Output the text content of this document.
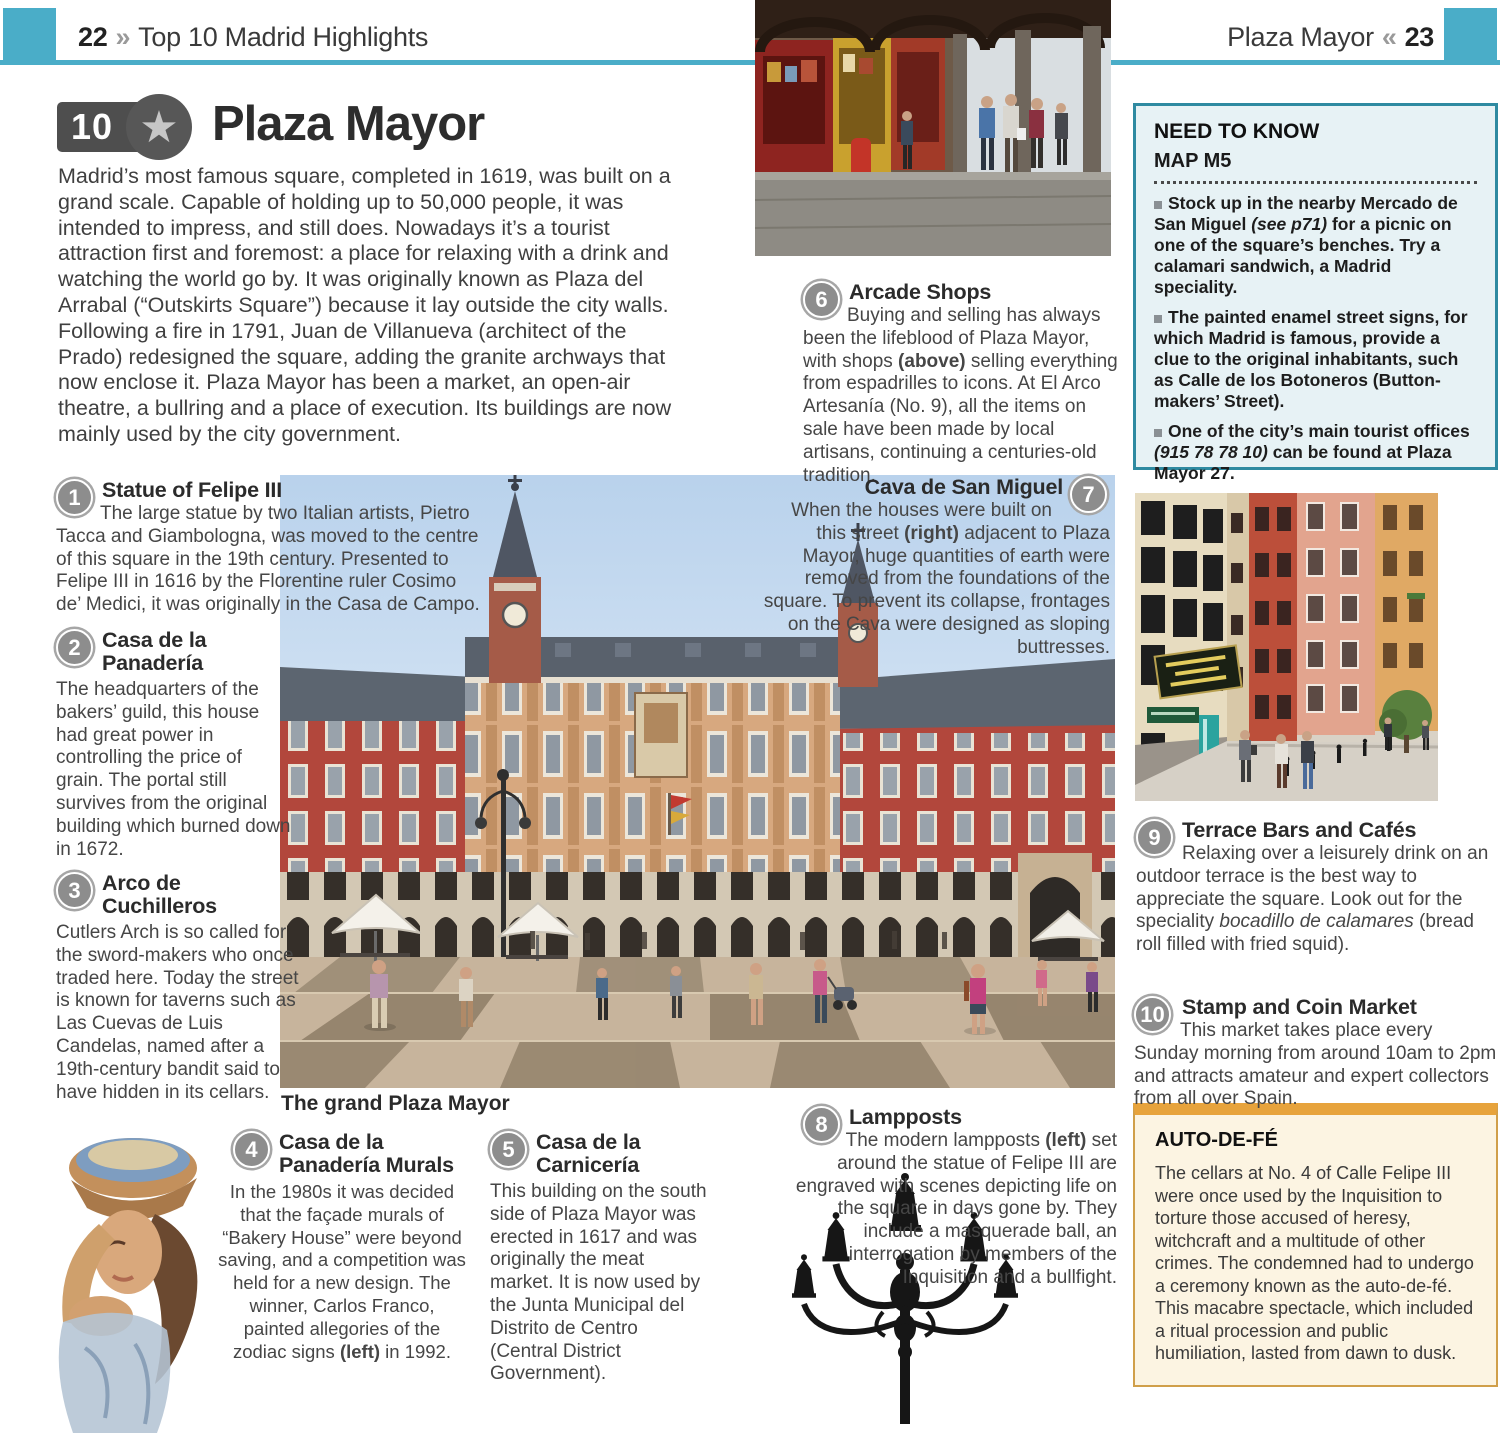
22 » Top 10 Madrid Highlights	Plaza Mayor « 23
10 ★ Plaza Mayor
Madrid’s most famous square, completed in 1619, was built on a grand scale. Capable of holding up to 50,000 people, it was intended to impress, and still does. Nowadays it’s a tourist attraction first and foremost: a place for relaxing with a drink and watching the world go by. It was originally known as Plaza del Arrabal (“Outskirts Square”) because it lay outside the city walls. Following a fire in 1791, Juan de Villanueva (architect of the Prado) redesigned the square, adding the granite archways that now enclose it. Plaza Mayor has been a market, an open-air theatre, a bullring and a place of execution. Its buildings are now mainly used by the city government.
The grand Plaza Mayor
NEED TO KNOW
MAP M5
Stock up in the nearby Mercado de San Miguel (see p71) for a picnic on one of the square’s benches. Try a calamari sandwich, a Madrid speciality.
The painted enamel street signs, for which Madrid is famous, provide a clue to the original inhabitants, such as Calle de los Botoneros (Button-makers’ Street).
One of the city’s main tourist offices (915 78 78 10) can be found at Plaza Mayor 27.
AUTO-DE-FÉ
The cellars at No. 4 of Calle Felipe III were once used by the Inquisition to torture those accused of heresy, witchcraft and a multitude of other crimes. The condemned had to undergo a ceremony known as the auto-de-fé. This macabre spectacle, which included a ritual procession and public humiliation, lasted from dawn to dusk.
1 Statue of Felipe III
The large statue by two Italian artists, Pietro Tacca and Giambologna, was moved to the centre of this square in the 19th century. Presented to Felipe III in 1616 by the Florentine ruler Cosimo de’ Medici, it was originally in the Casa de Campo.
2 Casa de la Panadería
The headquarters of the bakers’ guild, this house had great power in controlling the price of grain. The portal still survives from the original building which burned down in 1672.
3 Arco de Cuchilleros
Cutlers Arch is so called for the sword-makers who once traded here. Today the street is known for taverns such as Las Cuevas de Luis Candelas, named after a 19th-century bandit said to have hidden in its cellars.
4 Casa de la Panadería Murals
In the 1980s it was decided that the façade murals of “Bakery House” were beyond saving, and a competition was held for a new design. The winner, Carlos Franco, painted allegories of the zodiac signs (left) in 1992.
5 Casa de la Carnicería
This building on the south side of Plaza Mayor was erected in 1617 and was originally the meat market. It is now used by the Junta Municipal del Distrito de Centro (Central District Government).
6 Arcade Shops
Buying and selling has always been the lifeblood of Plaza Mayor, with shops (above) selling everything from espadrilles to icons. At El Arco Artesanía (No. 9), all the items on sale have been made by local artisans, continuing a centuries-old tradition.
Cava de San Miguel 7
When the houses were built on this street (right) adjacent to Plaza Mayor, huge quantities of earth were removed from the foundations of the square. To prevent its collapse, frontages on the Cava were designed as sloping buttresses.
8 Lampposts
The modern lampposts (left) set around the statue of Felipe III are engraved with scenes depicting life on the square in days gone by. They include a masquerade ball, an interrogation by members of the Inquisition and a bullfight.
9 Terrace Bars and Cafés
Relaxing over a leisurely drink on an outdoor terrace is the best way to appreciate the square. Look out for the speciality bocadillo de calamares (bread roll filled with fried squid).
10 Stamp and Coin Market
This market takes place every Sunday morning from around 10am to 2pm and attracts amateur and expert collectors from all over Spain.
